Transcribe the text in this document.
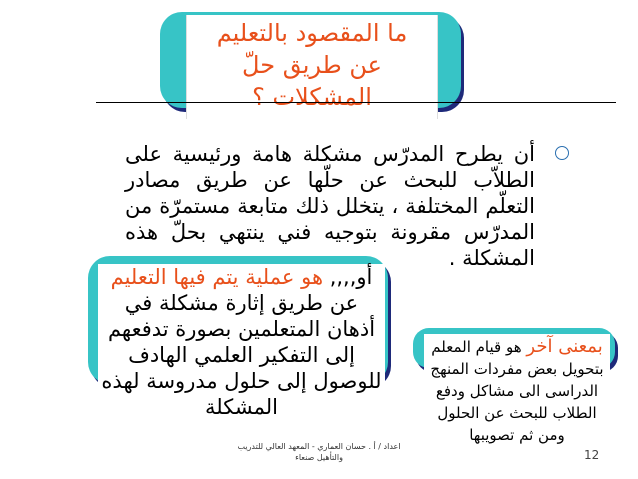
ما المقصود بالتعليم
عن طريق حلّ
المشكلات ؟
أن يطرح المدرّس مشكلة هامة ورئيسية على الطلاّب للبحث عن حلّها عن طريق مصادر التعلّم المختلفة ، يتخلل ذلك متابعة مستمرّة من المدرّس مقرونة بتوجيه فني ينتهي بحلّ هذه المشكلة .
أو,,,, هو عملية يتم فيها التعليم عن طريق إثارة مشكلة في أذهان المتعلمين بصورة تدفعهم إلى التفكير العلمي الهادف للوصول إلى حلول مدروسة لهذه المشكلة
بمعنى آخر هو قيام المعلم بتحويل بعض مفردات المنهج الدراسى الى مشاكل ودفع الطلاب للبحث عن الحلول ومن ثم تصويبها
اعداد / أ . حسان العماري - المعهد العالي للتدريب
والتأهيل صنعاء	12
